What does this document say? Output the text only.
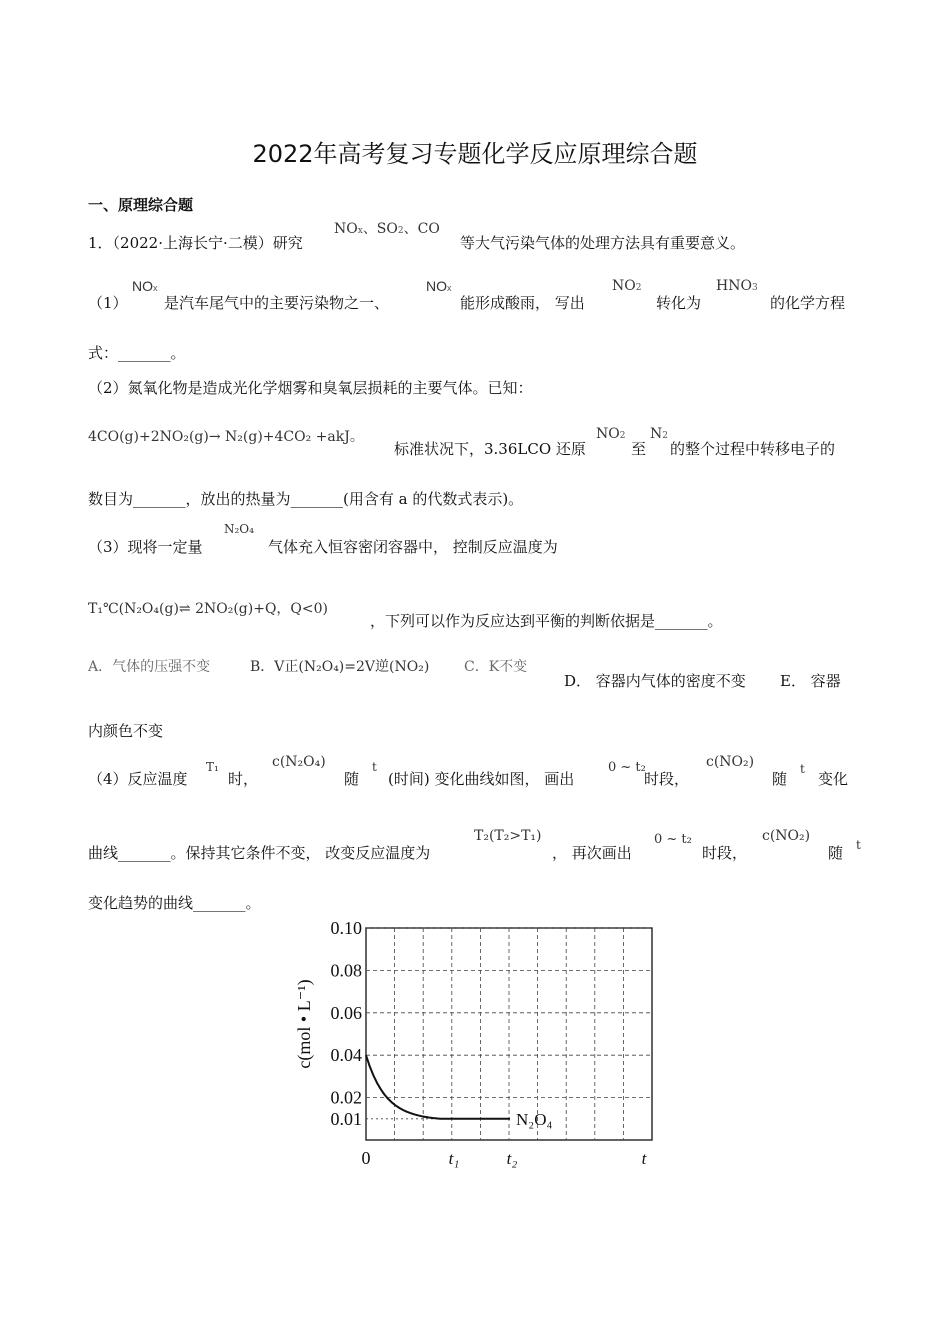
2022年高考复习专题化学反应原理综合题
一、原理综合题
1．（2022·上海长宁·二模）研究
NOx、SO2、CO
等大气污染气体的处理方法具有重要意义。
（1）
NOx
是汽车尾气中的主要污染物之一、
NOx
能形成酸雨， 写出
NO2
转化为
HNO3
的化学方程
式：_______。
（2）氮氧化物是造成光化学烟雾和臭氧层损耗的主要气体。已知：
4CO(g)+2NO₂(g)→ N₂(g)+4CO₂ +akJ。
标准状况下，3.36LCO 还原
NO2
至
N2
的整个过程中转移电子的
数目为_______，放出的热量为_______(用含有 a 的代数式表示)。
（3）现将一定量
N₂O₄
气体充入恒容密闭容器中， 控制反应温度为
T₁℃(N₂O₄(g)⇌ 2NO₂(g)+Q，Q<0)
，下列可以作为反应达到平衡的判断依据是_______。
A．气体的压强不变	B．V正(N₂O₄)=2V逆(NO₂) C．K不变
D． 容器内气体的密度不变 E． 容器
内颜色不变
（4）反应温度
T₁
时，
c(N₂O₄)
随
t
(时间) 变化曲线如图， 画出
0 ~ t₂
时段，
c(NO₂)
随
t
变化
曲线_______。保持其它条件不变， 改变反应温度为
T₂(T₂>T₁)
， 再次画出
0 ~ t₂
时段，
c(NO₂)
随 t
变化趋势的曲线_______。
0.10
0.08
0.06
0.04
0.02
0.01
c(mol • L⁻¹)
0	t₁	t₂	t
N₂O₄
